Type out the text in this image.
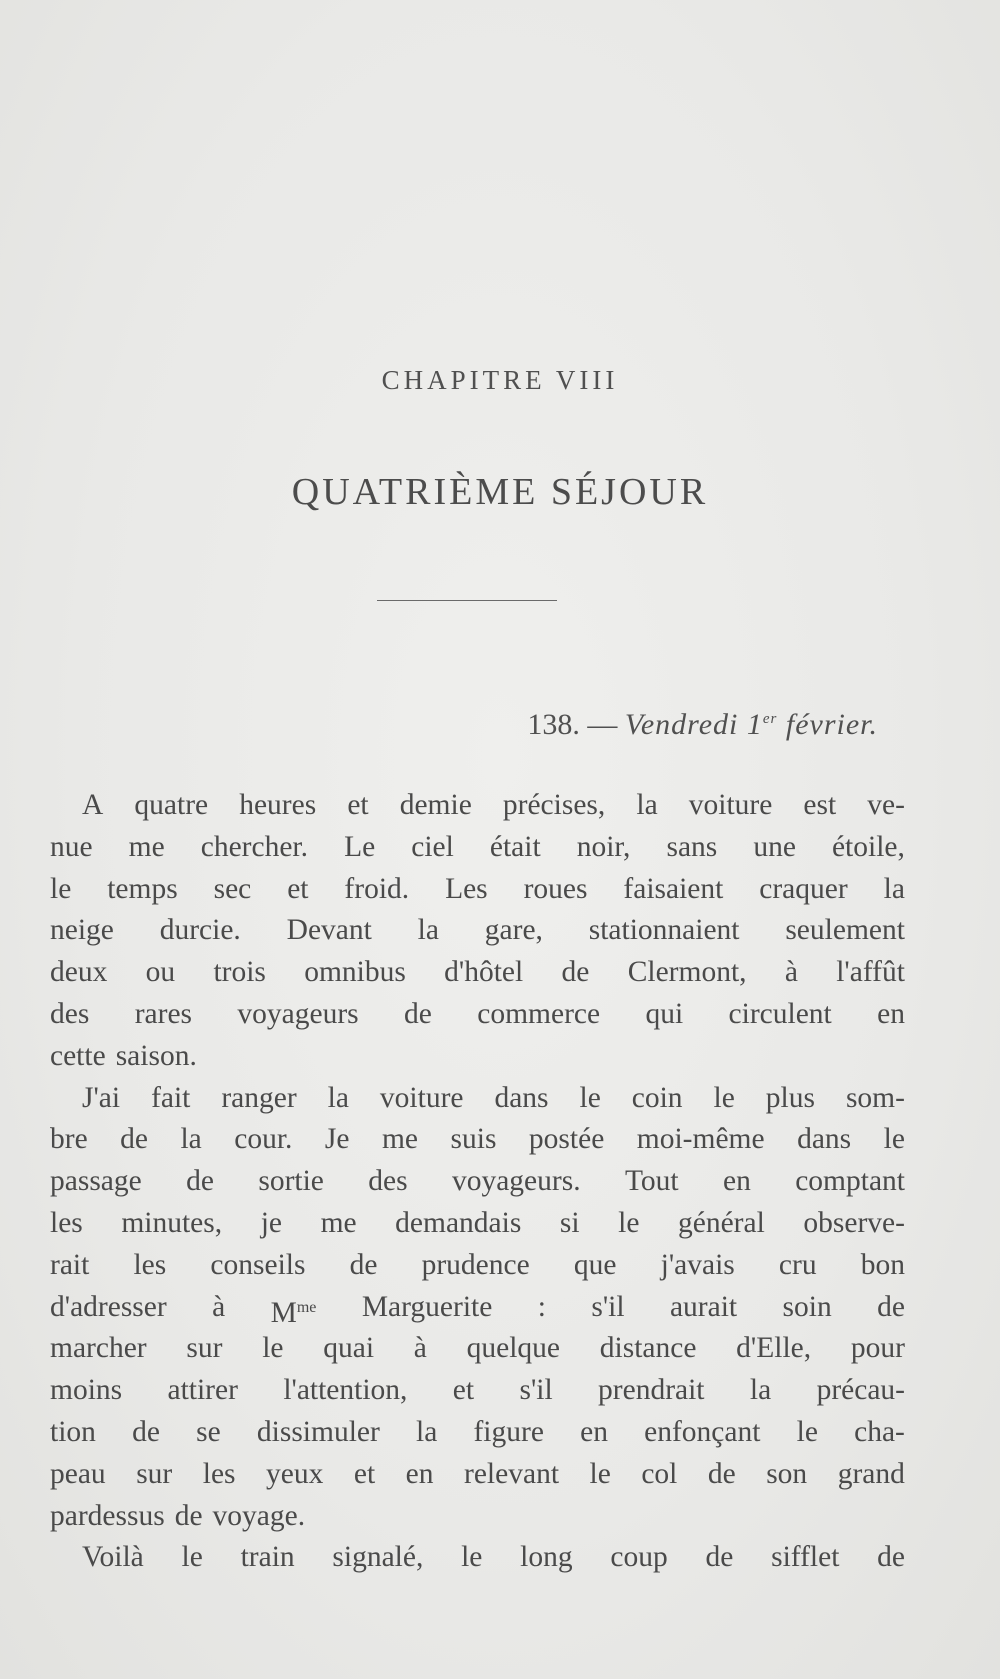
CHAPITRE VIII
QUATRIÈME SÉJOUR
138. — Vendredi 1er février.
A quatre heures et demie précises, la voiture est ve-
nue me chercher. Le ciel était noir, sans une étoile,
le temps sec et froid. Les roues faisaient craquer la
neige durcie. Devant la gare, stationnaient seulement
deux ou trois omnibus d'hôtel de Clermont, à l'affût
des rares voyageurs de commerce qui circulent en
cette saison.
J'ai fait ranger la voiture dans le coin le plus som-
bre de la cour. Je me suis postée moi-même dans le
passage de sortie des voyageurs. Tout en comptant
les minutes, je me demandais si le général observe-
rait les conseils de prudence que j'avais cru bon
d'adresser à $M^{me}$ Marguerite : s'il aurait soin de
marcher sur le quai à quelque distance d'Elle, pour
moins attirer l'attention, et s'il prendrait la précau-
tion de se dissimuler la figure en enfonçant le cha-
peau sur les yeux et en relevant le col de son grand
pardessus de voyage.
Voilà le train signalé, le long coup de sifflet de
